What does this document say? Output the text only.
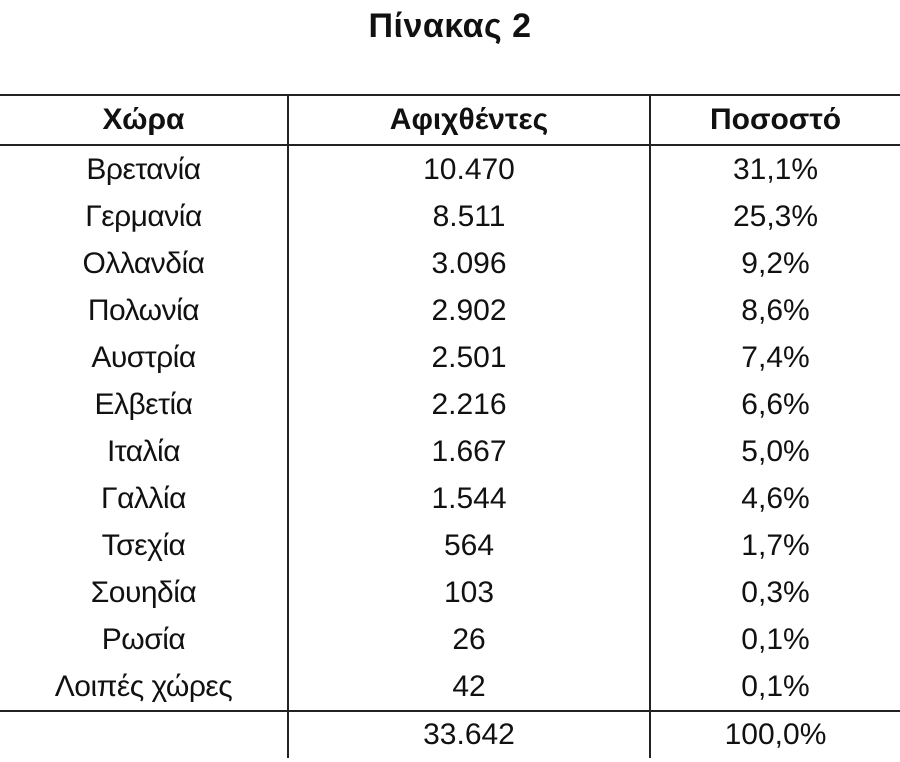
Πίνακας 2
Χώρα	Αφιχθέντες	Ποσοστό
Βρετανία	10.470	31,1%
Γερμανία	8.511	25,3%
Ολλανδία	3.096	9,2%
Πολωνία	2.902	8,6%
Αυστρία	2.501	7,4%
Ελβετία	2.216	6,6%
Ιταλία	1.667	5,0%
Γαλλία	1.544	4,6%
Τσεχία	564	1,7%
Σουηδία	103	0,3%
Ρωσία	26	0,1%
Λοιπές χώρες	42	0,1%
	33.642	100,0%
